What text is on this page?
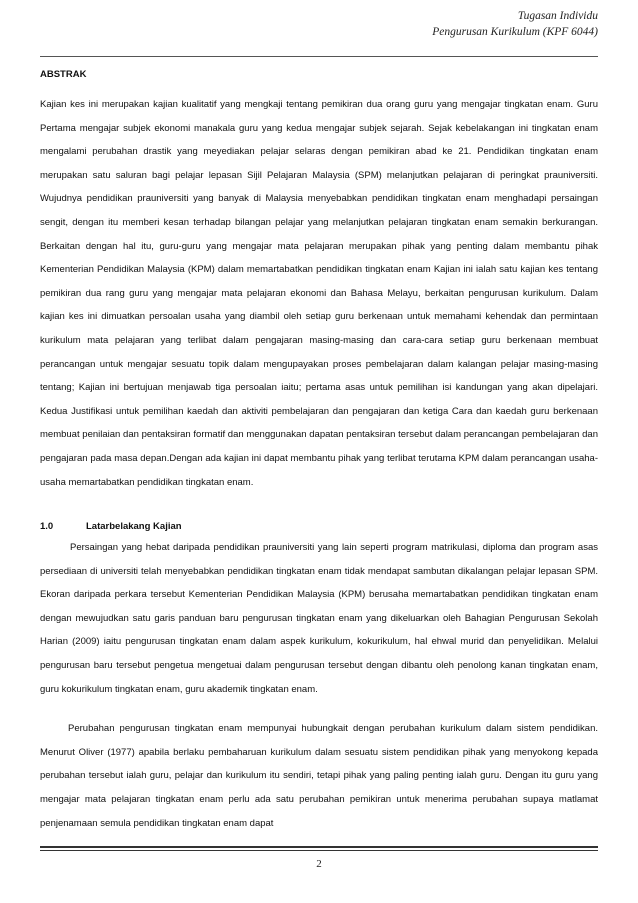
Tugasan Individu
Pengurusan Kurikulum (KPF 6044)
ABSTRAK

Kajian kes ini merupakan kajian kualitatif yang mengkaji tentang pemikiran dua orang guru yang mengajar tingkatan enam. Guru Pertama mengajar subjek ekonomi manakala guru yang kedua mengajar subjek sejarah. Sejak kebelakangan ini tingkatan enam mengalami perubahan drastik yang meyediakan pelajar selaras dengan pemikiran abad ke 21. Pendidikan tingkatan enam merupakan satu saluran bagi pelajar lepasan Sijil Pelajaran Malaysia (SPM) melanjutkan pelajaran di peringkat prauniversiti. Wujudnya pendidikan prauniversiti yang banyak di Malaysia menyebabkan pendidikan tingkatan enam menghadapi persaingan sengit, dengan itu memberi kesan terhadap bilangan pelajar yang melanjutkan pelajaran tingkatan enam semakin berkurangan. Berkaitan dengan hal itu, guru-guru yang mengajar mata pelajaran merupakan pihak yang penting dalam membantu pihak Kementerian Pendidikan Malaysia (KPM) dalam memartabatkan pendidikan tingkatan enam Kajian ini ialah satu kajian kes tentang pemikiran dua rang guru yang mengajar mata pelajaran ekonomi dan Bahasa Melayu, berkaitan pengurusan kurikulum. Dalam kajian kes ini dimuatkan persoalan usaha yang diambil oleh setiap guru berkenaan untuk memahami kehendak dan permintaan kurikulum mata pelajaran yang terlibat dalam pengajaran masing-masing dan cara-cara setiap guru berkenaan membuat perancangan untuk mengajar sesuatu topik dalam mengupayakan proses pembelajaran dalam kalangan pelajar masing-masing tentang; Kajian ini bertujuan menjawab tiga persoalan iaitu; pertama asas untuk pemilihan isi kandungan yang akan dipelajari. Kedua Justifikasi untuk pemilihan kaedah dan aktiviti pembelajaran dan pengajaran dan ketiga Cara dan kaedah guru berkenaan membuat penilaian dan pentaksiran formatif dan menggunakan dapatan pentaksiran tersebut dalam perancangan pembelajaran dan pengajaran pada masa depan.Dengan ada kajian ini dapat membantu pihak yang terlibat terutama KPM dalam perancangan usaha-usaha memartabatkan pendidikan tingkatan enam.

1.0	Latarbelakang Kajian

Persaingan yang hebat daripada pendidikan prauniversiti yang lain seperti program matrikulasi, diploma dan program asas persediaan di universiti telah menyebabkan pendidikan tingkatan enam tidak mendapat sambutan dikalangan pelajar lepasan SPM. Ekoran daripada perkara tersebut Kementerian Pendidikan Malaysia (KPM) berusaha memartabatkan pendidikan tingkatan enam dengan mewujudkan satu garis panduan baru pengurusan tingkatan enam yang dikeluarkan oleh Bahagian Pengurusan Sekolah Harian (2009) iaitu pengurusan tingkatan enam dalam aspek kurikulum, kokurikulum, hal ehwal murid dan penyelidikan. Melalui pengurusan baru tersebut pengetua mengetuai dalam pengurusan tersebut dengan dibantu oleh penolong kanan tingkatan enam, guru kokurikulum tingkatan enam, guru akademik tingkatan enam.

Perubahan pengurusan tingkatan enam mempunyai hubungkait dengan perubahan kurikulum dalam sistem pendidikan. Menurut Oliver (1977) apabila berlaku pembaharuan kurikulum dalam sesuatu sistem pendidikan pihak yang menyokong kepada perubahan tersebut ialah guru, pelajar dan kurikulum itu sendiri, tetapi pihak yang paling penting ialah guru. Dengan itu guru yang mengajar mata pelajaran tingkatan enam perlu ada satu perubahan pemikiran untuk menerima perubahan supaya matlamat penjenamaan semula pendidikan tingkatan enam dapat

2
